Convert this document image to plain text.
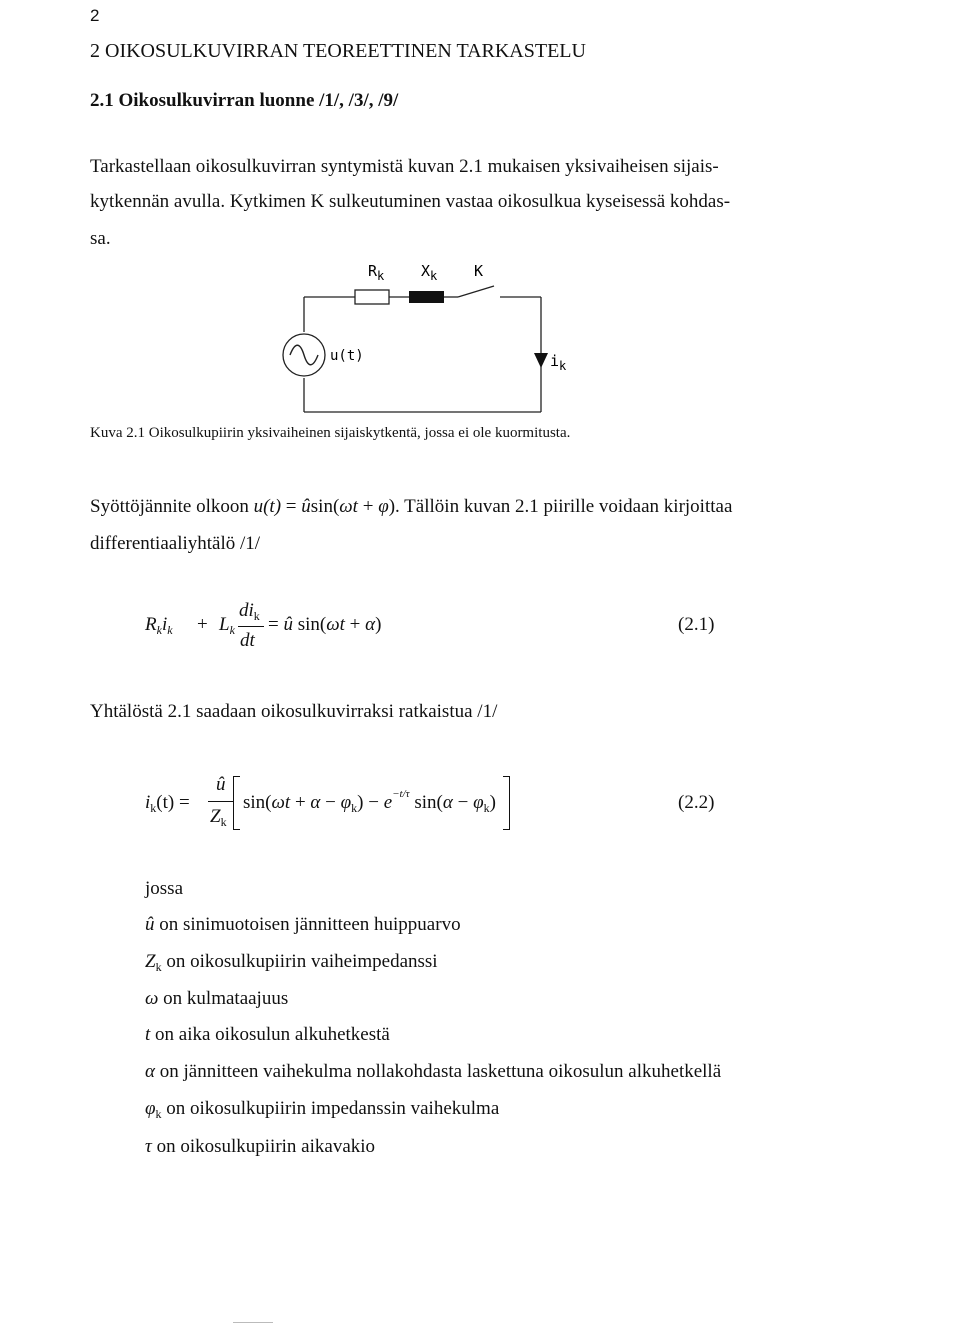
2
2 OIKOSULKUVIRRAN TEOREETTINEN TARKASTELU
2.1 Oikosulkuvirran luonne /1/, /3/, /9/
Tarkastellaan oikosulkuvirran syntymistä kuvan 2.1 mukaisen yksivaiheisen sijais-
kytkennän avulla. Kytkimen K sulkeutuminen vastaa oikosulkua kyseisessä kohdas-
sa.
$R_k$ $X_k$ K
u(t)	$i_k$
Kuva 2.1 Oikosulkupiirin yksivaiheinen sijaiskytkentä, jossa ei ole kuormitusta.
Syöttöjännite olkoon u(t) = ûsin(ωt + φ). Tällöin kuvan 2.1 piirille voidaan kirjoittaa
differentiaaliyhtälö /1/
$R_ki_k + L_k$
$di_k$
dt
= û sin(ωt + α)	(2.1)
Yhtälöstä 2.1 saadaan oikosulkuvirraksi ratkaistua /1/
$i_k(t)$ =
û
$Z_k$
$\sin(\omega t + \alpha - \varphi_k) - e^{-t/\tau}$ $\sin(\alpha - \varphi_k)$	(2.2)
jossa
û on sinimuotoisen jännitteen huippuarvo
$Z_k$ on oikosulkupiirin vaiheimpedanssi
ω on kulmataajuus
t on aika oikosulun alkuhetkestä
α on jännitteen vaihekulma nollakohdasta laskettuna oikosulun alkuhetkellä
$\varphi_k$ on oikosulkupiirin impedanssin vaihekulma
τ on oikosulkupiirin aikavakio
